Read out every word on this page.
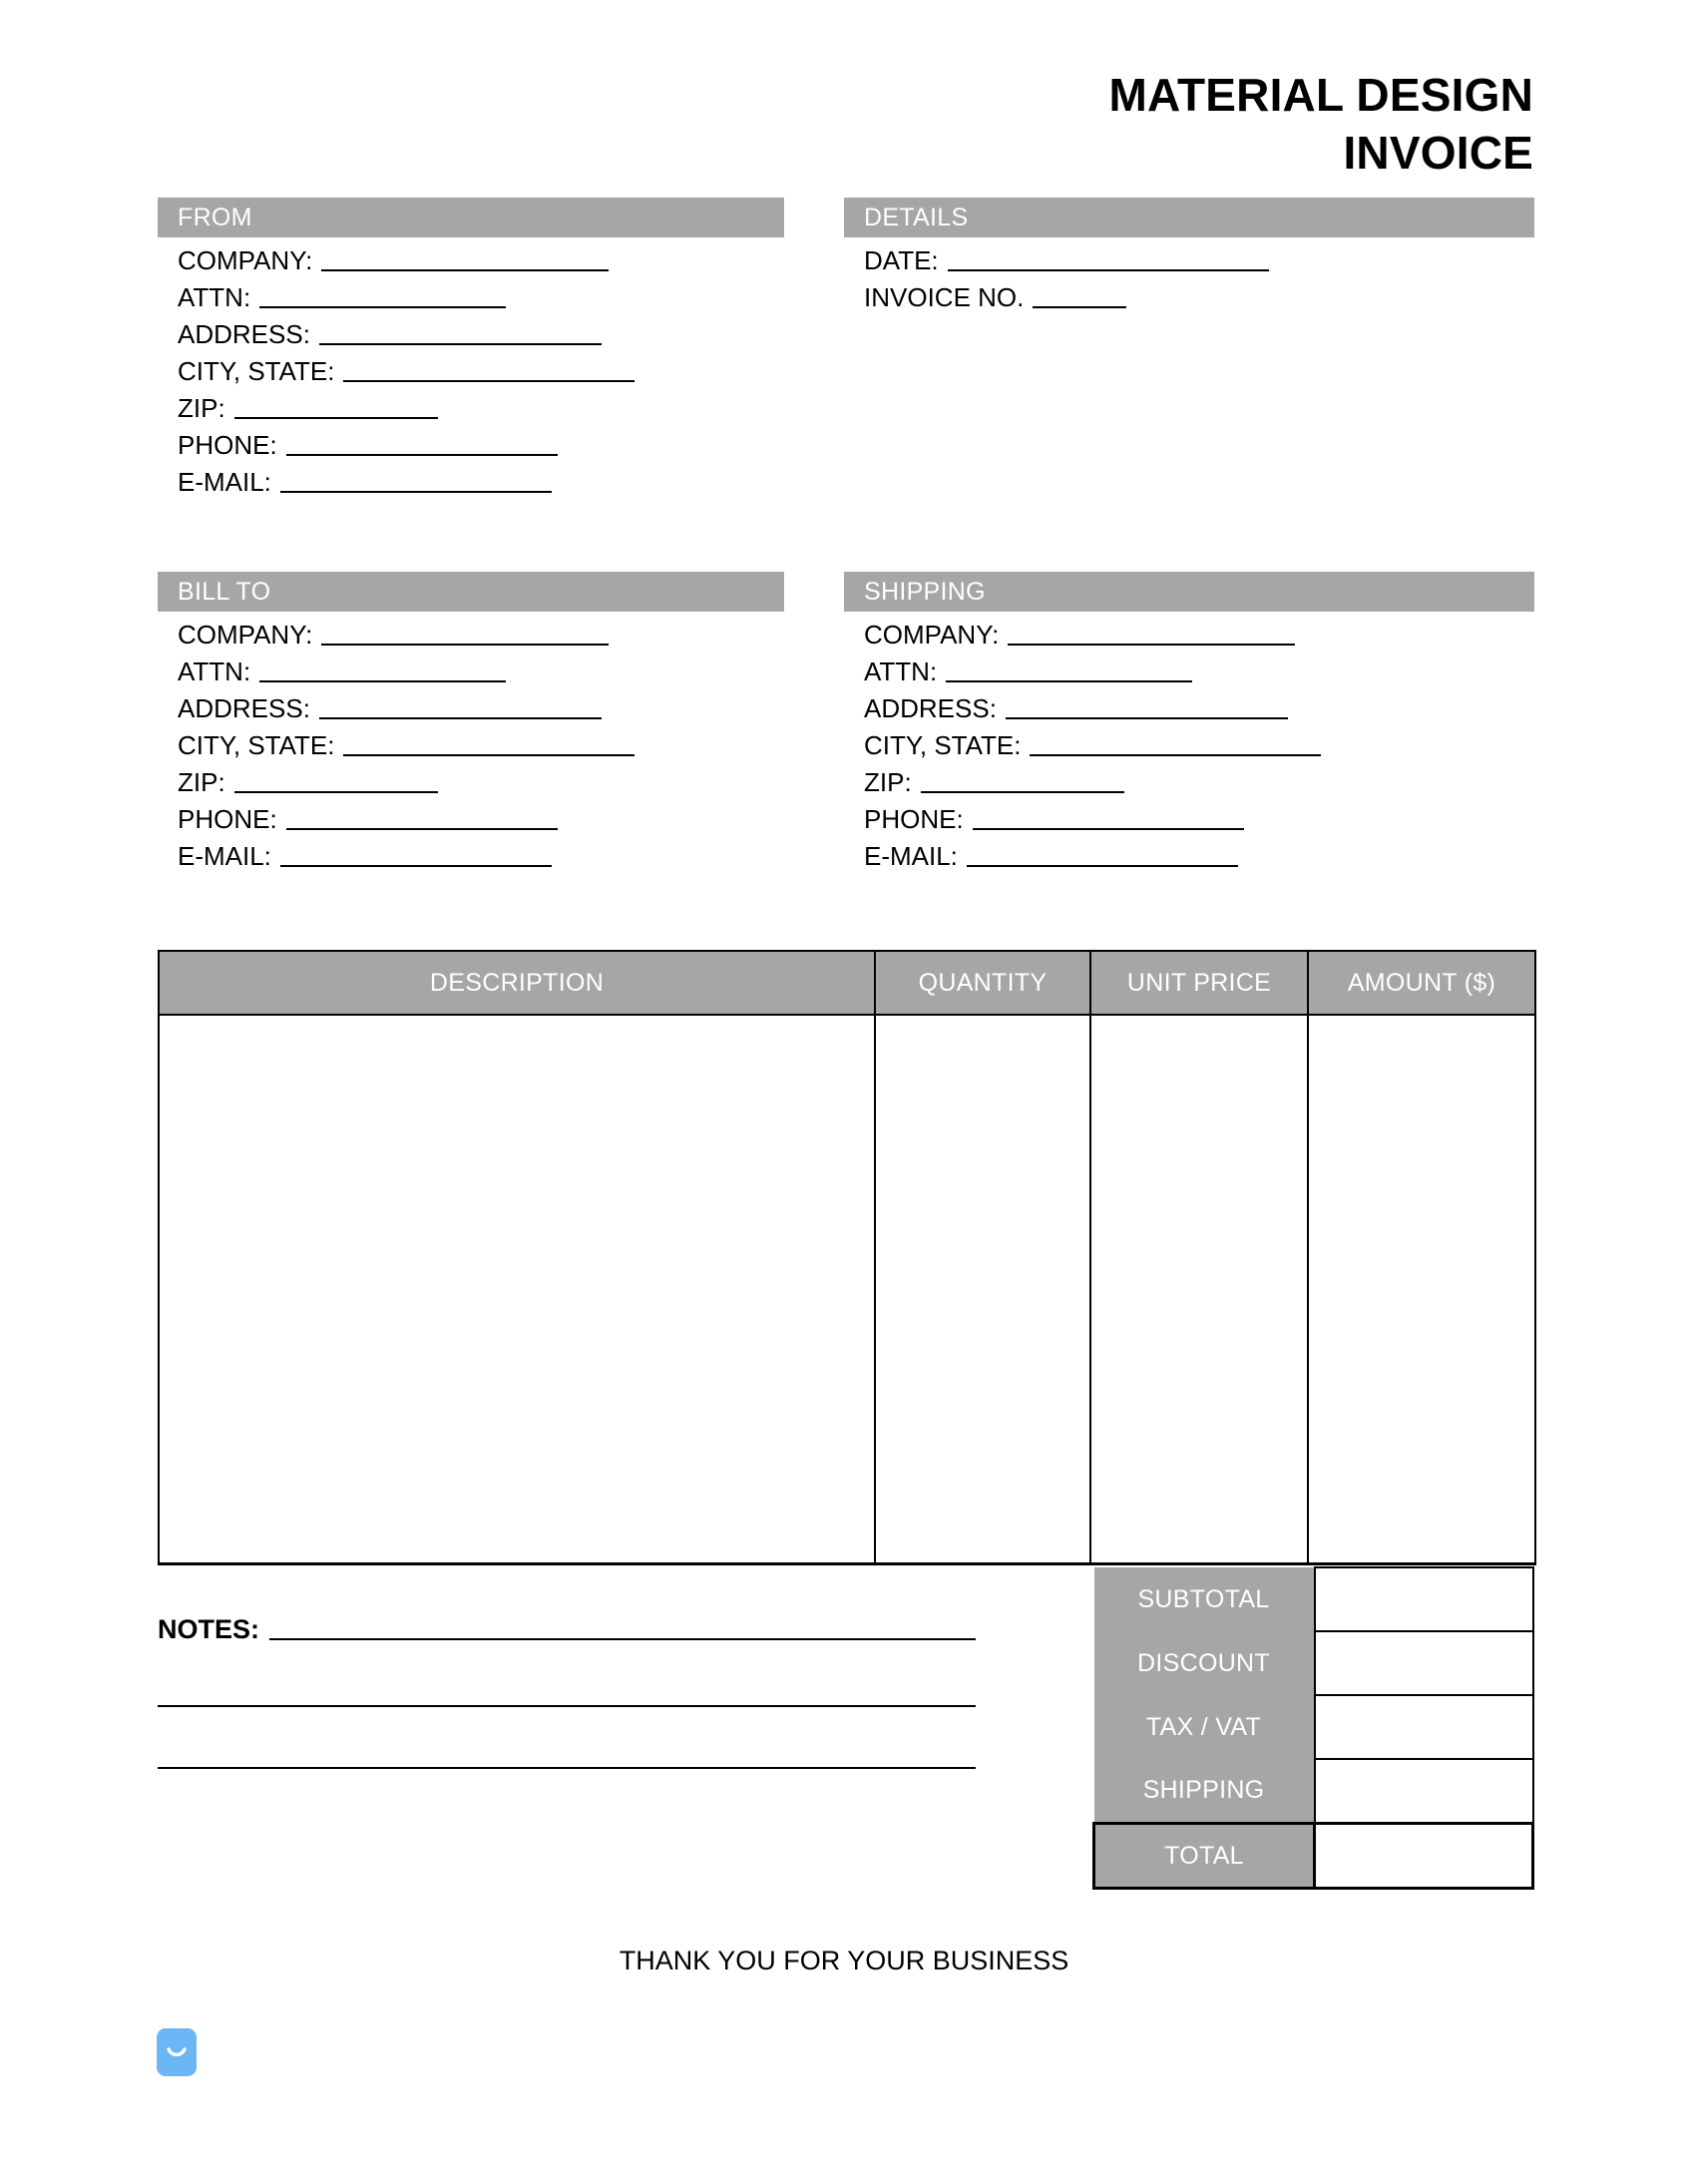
MATERIAL DESIGN
INVOICE
FROM
COMPANY:
ATTN:
ADDRESS:
CITY, STATE:
ZIP:
PHONE:
E-MAIL:
DETAILS
DATE:
INVOICE NO.
BILL TO
COMPANY:
ATTN:
ADDRESS:
CITY, STATE:
ZIP:
PHONE:
E-MAIL:
SHIPPING
COMPANY:
ATTN:
ADDRESS:
CITY, STATE:
ZIP:
PHONE:
E-MAIL:
DESCRIPTION	QUANTITY	UNIT PRICE	AMOUNT ($)

SUBTOTAL	
DISCOUNT	
TAX / VAT	
SHIPPING	
TOTAL	
NOTES:
THANK YOU FOR YOUR BUSINESS
